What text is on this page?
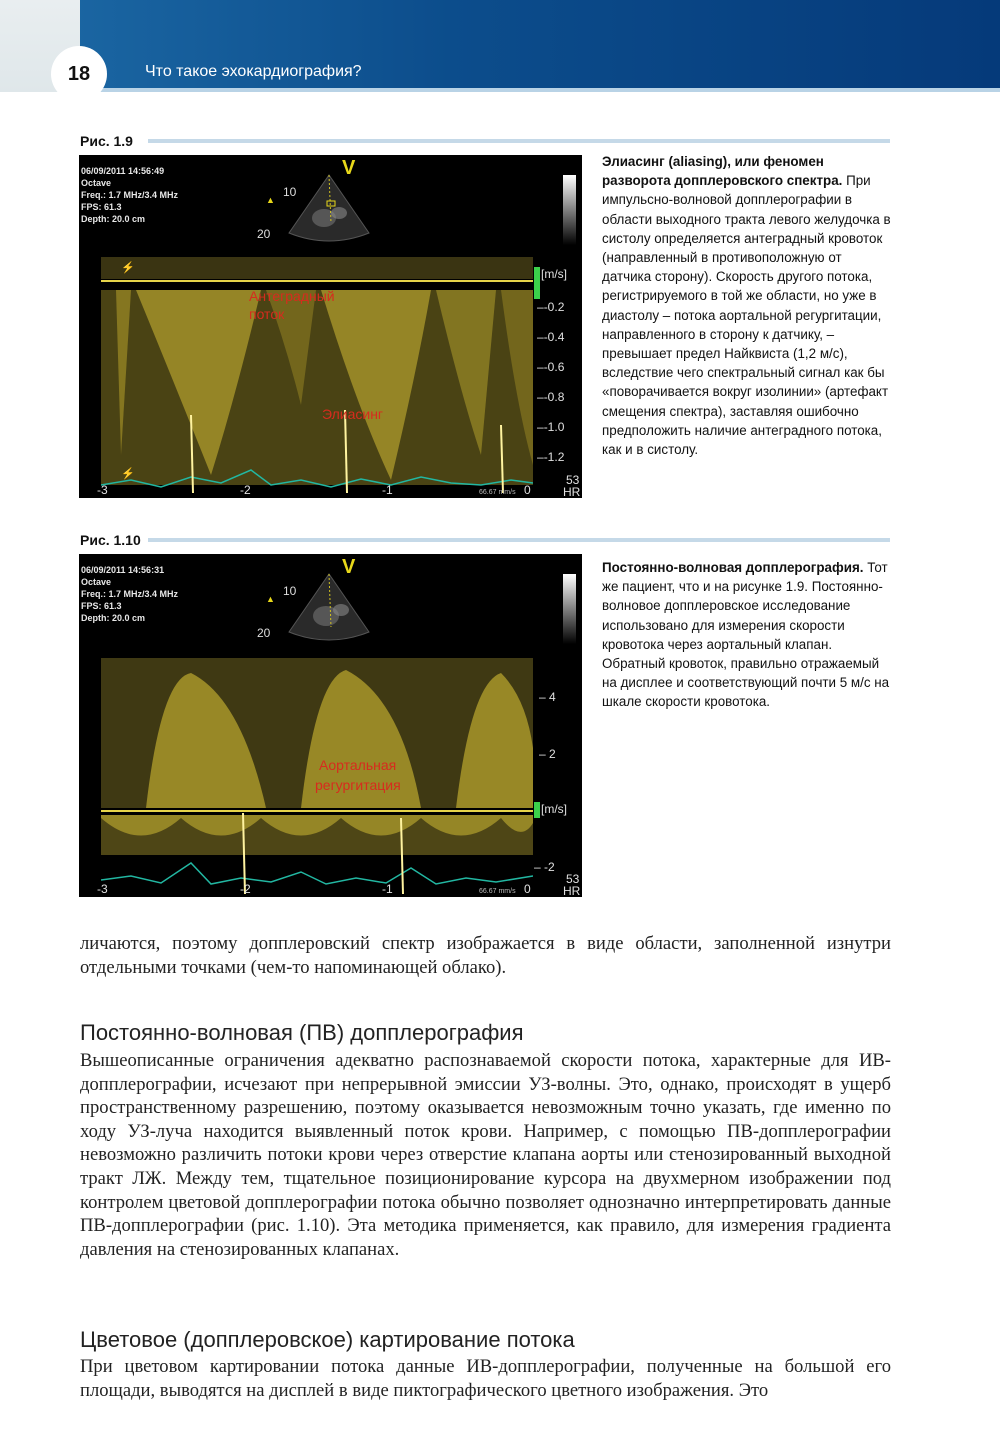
18	Что такое эхокардиография?
Рис. 1.9
06/09/2011 14:56:49
Octave
Freq.: 1.7 MHz/3.4 MHz
FPS: 61.3
Depth: 20.0 cm
V
▲
10
20
⚡
⚡
[m/s]
–-0.2
–-0.4
–-0.6
–-0.8
–-1.0
–-1.2
53
HR
-3	-2	-1	0
66.67 mm/s
Антеградный
поток
Элиасинг
Элиасинг (aliasing), или феномен разворота допплеровского спектра. При импульсно-волновой допплерографии в области выходного тракта левого желудочка в систолу определяется антеградный кровоток (направленный в противоположную от датчика сторону). Скорость другого потока, регистрируемого в той же области, но уже в диастолу – потока аортальной регургитации, направленного в сторону к датчику, – превышает предел Найквиста (1,2 м/с), вследствие чего спектральный сигнал как бы «поворачивается вокруг изолинии» (артефакт смещения спектра), заставляя ошибочно предположить наличие антеградного потока, как и в систолу.
Рис. 1.10
06/09/2011 14:56:31
Octave
Freq.: 1.7 MHz/3.4 MHz
FPS: 61.3
Depth: 20.0 cm
V
▲
10
20
[m/s]
– 4
– 2
– -2
53
HR
-3	-2	-1	0
66.67 mm/s
Аортальная
регургитация
Постоянно-волновая допплерография. Тот же пациент, что и на рисунке 1.9. Постоянно-волновое допплеровское исследование использовано для измерения скорости кровотока через аортальный клапан. Обратный кровоток, правильно отражаемый на дисплее и соответствующий почти 5 м/с на шкале скорости кровотока.
личаются, поэтому допплеровский спектр изображается в виде области, заполненной изнутри отдельными точками (чем-то напоминающей облако).
Постоянно-волновая (ПВ) допплерография
Вышеописанные ограничения адекватно распознаваемой скорости потока, характерные для ИВ-допплерографии, исчезают при непрерывной эмиссии УЗ-волны. Это, однако, происходят в ущерб пространственному разрешению, поэтому оказывается невозможным точно указать, где именно по ходу УЗ-луча находится выявленный поток крови. Например, с помощью ПВ-допплерографии невозможно различить потоки крови через отверстие клапана аорты или стенозированный выходной тракт ЛЖ. Между тем, тщательное позиционирование курсора на двухмерном изображении под контролем цветовой допплерографии потока обычно позволяет однозначно интерпретировать данные ПВ-допплерографии (рис. 1.10). Эта методика применяется, как правило, для измерения градиента давления на стенозированных клапанах.
Цветовое (допплеровское) картирование потока
При цветовом картировании потока данные ИВ-допплерографии, полученные на большой его площади, выводятся на дисплей в виде пиктографического цветного изображения. Это
